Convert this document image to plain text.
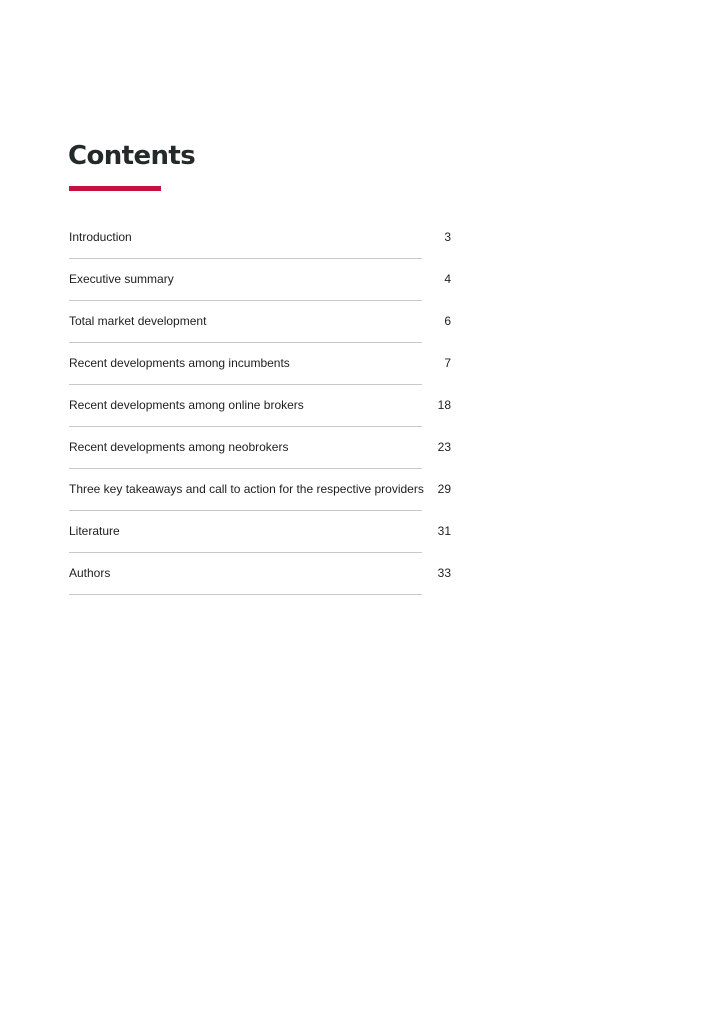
Contents
Introduction	3
Executive summary	4
Total market development	6
Recent developments among incumbents	7
Recent developments among online brokers	18
Recent developments among neobrokers	23
Three key takeaways and call to action for the respective providers 29
Literature	31
Authors	33
